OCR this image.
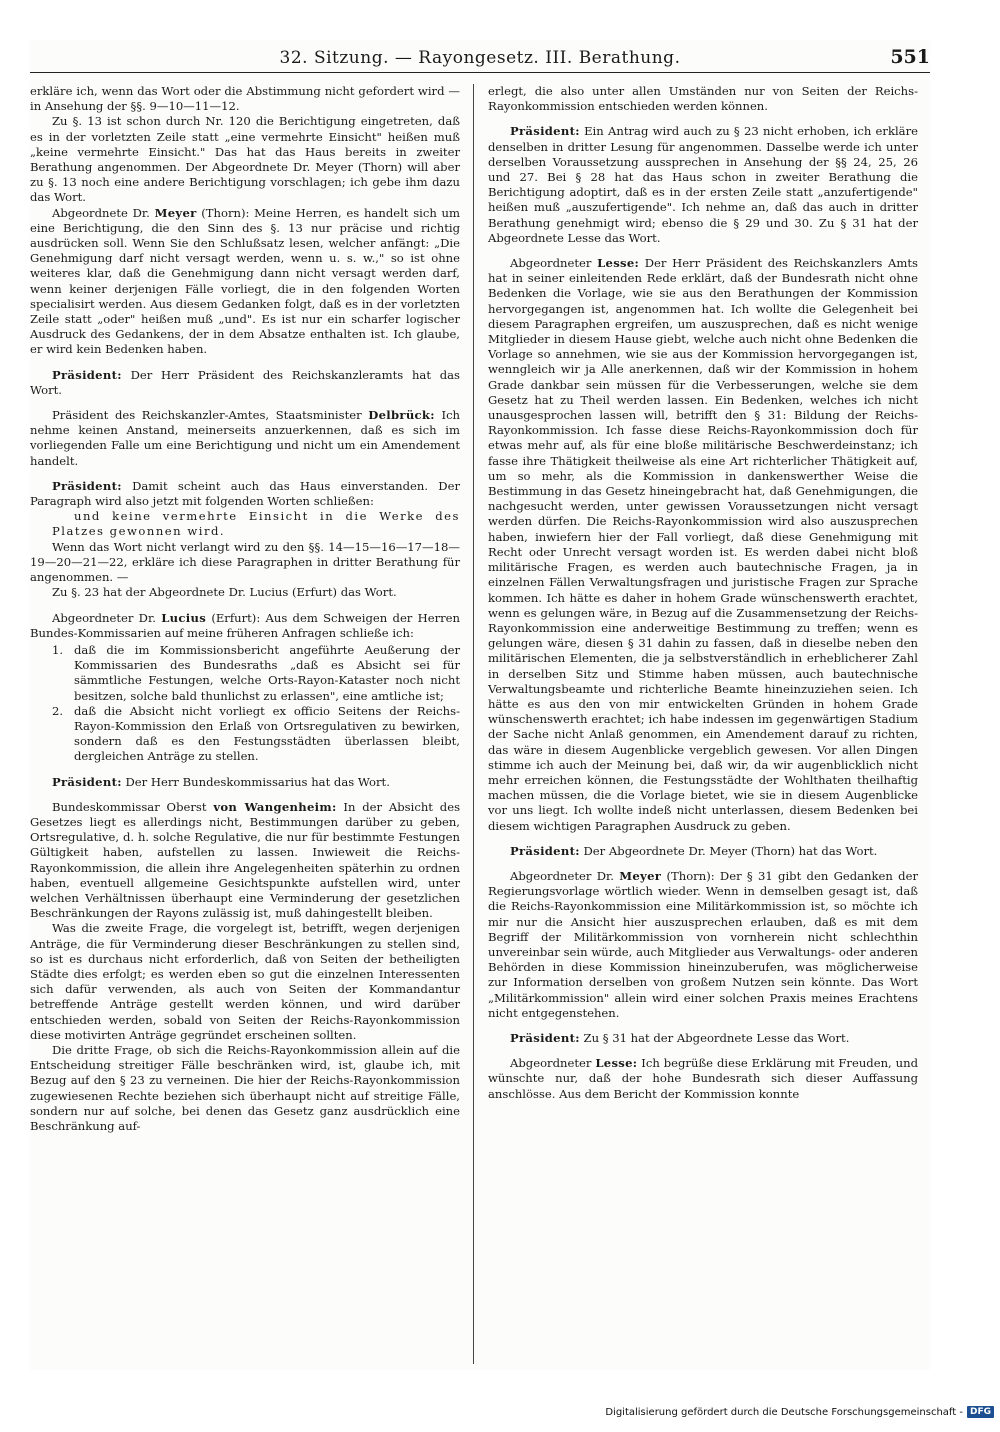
32. Sitzung. — Rayongesetz. III. Berathung.	551

erkläre ich, wenn das Wort oder die Abstimmung nicht gefordert wird — in Ansehung der §§. 9—10—11—12.

Zu §. 13 ist schon durch Nr. 120 die Berichtigung eingetreten, daß es in der vorletzten Zeile statt „eine vermehrte Einsicht" heißen muß „keine vermehrte Einsicht." Das hat das Haus bereits in zweiter Berathung angenommen. Der Abgeordnete Dr. Meyer (Thorn) will aber zu §. 13 noch eine andere Berichtigung vorschlagen; ich gebe ihm dazu das Wort.

Abgeordnete Dr. Meyer (Thorn): Meine Herren, es handelt sich um eine Berichtigung, die den Sinn des §. 13 nur präcise und richtig ausdrücken soll. Wenn Sie den Schlußsatz lesen, welcher anfängt: „Die Genehmigung darf nicht versagt werden, wenn u. s. w.," so ist ohne weiteres klar, daß die Genehmigung dann nicht versagt werden darf, wenn keiner derjenigen Fälle vorliegt, die in den folgenden Worten specialisirt werden. Aus diesem Gedanken folgt, daß es in der vorletzten Zeile statt „oder" heißen muß „und". Es ist nur ein scharfer logischer Ausdruck des Gedankens, der in dem Absatze enthalten ist. Ich glaube, er wird kein Bedenken haben.

Präsident: Der Herr Präsident des Reichskanzleramts hat das Wort.

Präsident des Reichskanzler-Amtes, Staatsminister Delbrück: Ich nehme keinen Anstand, meinerseits anzuerkennen, daß es sich im vorliegenden Falle um eine Berichtigung und nicht um ein Amendement handelt.

Präsident: Damit scheint auch das Haus einverstanden. Der Paragraph wird also jetzt mit folgenden Worten schließen:

und keine vermehrte Einsicht in die Werke des Platzes gewonnen wird.

Wenn das Wort nicht verlangt wird zu den §§. 14—15—16—17—18—19—20—21—22, erkläre ich diese Paragraphen in dritter Berathung für angenommen. —

Zu §. 23 hat der Abgeordnete Dr. Lucius (Erfurt) das Wort.

Abgeordneter Dr. Lucius (Erfurt): Aus dem Schweigen der Herren Bundes-Kommissarien auf meine früheren Anfragen schließe ich:

1. daß die im Kommissionsbericht angeführte Aeußerung der Kommissarien des Bundesraths „daß es Absicht sei für sämmtliche Festungen, welche Orts-Rayon-Kataster noch nicht besitzen, solche bald thunlichst zu erlassen", eine amtliche ist;
2. daß die Absicht nicht vorliegt ex officio Seitens der Reichs-Rayon-Kommission den Erlaß von Ortsregulativen zu bewirken, sondern daß es den Festungsstädten überlassen bleibt, dergleichen Anträge zu stellen.

Präsident: Der Herr Bundeskommissarius hat das Wort.

Bundeskommissar Oberst von Wangenheim: In der Absicht des Gesetzes liegt es allerdings nicht, Bestimmungen darüber zu geben, Ortsregulative, d. h. solche Regulative, die nur für bestimmte Festungen Gültigkeit haben, aufstellen zu lassen. Inwieweit die Reichs-Rayonkommission, die allein ihre Angelegenheiten späterhin zu ordnen haben, eventuell allgemeine Gesichtspunkte aufstellen wird, unter welchen Verhältnissen überhaupt eine Verminderung der gesetzlichen Beschränkungen der Rayons zulässig ist, muß dahingestellt bleiben.

Was die zweite Frage, die vorgelegt ist, betrifft, wegen derjenigen Anträge, die für Verminderung dieser Beschränkungen zu stellen sind, so ist es durchaus nicht erforderlich, daß von Seiten der betheiligten Städte dies erfolgt; es werden eben so gut die einzelnen Interessenten sich dafür verwenden, als auch von Seiten der Kommandantur betreffende Anträge gestellt werden können, und wird darüber entschieden werden, sobald von Seiten der Reichs-Rayonkommission diese motivirten Anträge gegründet erscheinen sollten.

Die dritte Frage, ob sich die Reichs-Rayonkommission allein auf die Entscheidung streitiger Fälle beschränken wird, ist, glaube ich, mit Bezug auf den § 23 zu verneinen. Die hier der Reichs-Rayonkommission zugewiesenen Rechte beziehen sich überhaupt nicht auf streitige Fälle, sondern nur auf solche, bei denen das Gesetz ganz ausdrücklich eine Beschränkung auf-

erlegt, die also unter allen Umständen nur von Seiten der Reichs-Rayonkommission entschieden werden können.

Präsident: Ein Antrag wird auch zu § 23 nicht erhoben, ich erkläre denselben in dritter Lesung für angenommen. Dasselbe werde ich unter derselben Voraussetzung aussprechen in Ansehung der §§ 24, 25, 26 und 27. Bei § 28 hat das Haus schon in zweiter Berathung die Berichtigung adoptirt, daß es in der ersten Zeile statt „anzufertigende" heißen muß „auszufertigende". Ich nehme an, daß das auch in dritter Berathung genehmigt wird; ebenso die § 29 und 30. Zu § 31 hat der Abgeordnete Lesse das Wort.

Abgeordneter Lesse: Der Herr Präsident des Reichskanzlers Amts hat in seiner einleitenden Rede erklärt, daß der Bundesrath nicht ohne Bedenken die Vorlage, wie sie aus den Berathungen der Kommission hervorgegangen ist, angenommen hat. Ich wollte die Gelegenheit bei diesem Paragraphen ergreifen, um auszusprechen, daß es nicht wenige Mitglieder in diesem Hause giebt, welche auch nicht ohne Bedenken die Vorlage so annehmen, wie sie aus der Kommission hervorgegangen ist, wenngleich wir ja Alle anerkennen, daß wir der Kommission in hohem Grade dankbar sein müssen für die Verbesserungen, welche sie dem Gesetz hat zu Theil werden lassen. Ein Bedenken, welches ich nicht unausgesprochen lassen will, betrifft den § 31: Bildung der Reichs-Rayonkommission. Ich fasse diese Reichs-Rayonkommission doch für etwas mehr auf, als für eine bloße militärische Beschwerdeinstanz; ich fasse ihre Thätigkeit theilweise als eine Art richterlicher Thätigkeit auf, um so mehr, als die Kommission in dankenswerther Weise die Bestimmung in das Gesetz hineingebracht hat, daß Genehmigungen, die nachgesucht werden, unter gewissen Voraussetzungen nicht versagt werden dürfen. Die Reichs-Rayonkommission wird also auszusprechen haben, inwiefern hier der Fall vorliegt, daß diese Genehmigung mit Recht oder Unrecht versagt worden ist. Es werden dabei nicht bloß militärische Fragen, es werden auch bautechnische Fragen, ja in einzelnen Fällen Verwaltungsfragen und juristische Fragen zur Sprache kommen. Ich hätte es daher in hohem Grade wünschenswerth erachtet, wenn es gelungen wäre, in Bezug auf die Zusammensetzung der Reichs-Rayonkommission eine anderweitige Bestimmung zu treffen; wenn es gelungen wäre, diesen § 31 dahin zu fassen, daß in dieselbe neben den militärischen Elementen, die ja selbstverständlich in erheblicherer Zahl in derselben Sitz und Stimme haben müssen, auch bautechnische Verwaltungsbeamte und richterliche Beamte hineinzuziehen seien. Ich hätte es aus den von mir entwickelten Gründen in hohem Grade wünschenswerth erachtet; ich habe indessen im gegenwärtigen Stadium der Sache nicht Anlaß genommen, ein Amendement darauf zu richten, das wäre in diesem Augenblicke vergeblich gewesen. Vor allen Dingen stimme ich auch der Meinung bei, daß wir, da wir augenblicklich nicht mehr erreichen können, die Festungsstädte der Wohlthaten theilhaftig machen müssen, die die Vorlage bietet, wie sie in diesem Augenblicke vor uns liegt. Ich wollte indeß nicht unterlassen, diesem Bedenken bei diesem wichtigen Paragraphen Ausdruck zu geben.

Präsident: Der Abgeordnete Dr. Meyer (Thorn) hat das Wort.

Abgeordneter Dr. Meyer (Thorn): Der § 31 gibt den Gedanken der Regierungsvorlage wörtlich wieder. Wenn in demselben gesagt ist, daß die Reichs-Rayonkommission eine Militärkommission ist, so möchte ich mir nur die Ansicht hier auszusprechen erlauben, daß es mit dem Begriff der Militärkommission von vornherein nicht schlechthin unvereinbar sein würde, auch Mitglieder aus Verwaltungs- oder anderen Behörden in diese Kommission hineinzuberufen, was möglicherweise zur Information derselben von großem Nutzen sein könnte. Das Wort „Militärkommission" allein wird einer solchen Praxis meines Erachtens nicht entgegenstehen.

Präsident: Zu § 31 hat der Abgeordnete Lesse das Wort.

Abgeordneter Lesse: Ich begrüße diese Erklärung mit Freuden, und wünschte nur, daß der hohe Bundesrath sich dieser Auffassung anschlösse. Aus dem Bericht der Kommission konnte

Digitalisierung gefördert durch die Deutsche Forschungsgemeinschaft - DFG
